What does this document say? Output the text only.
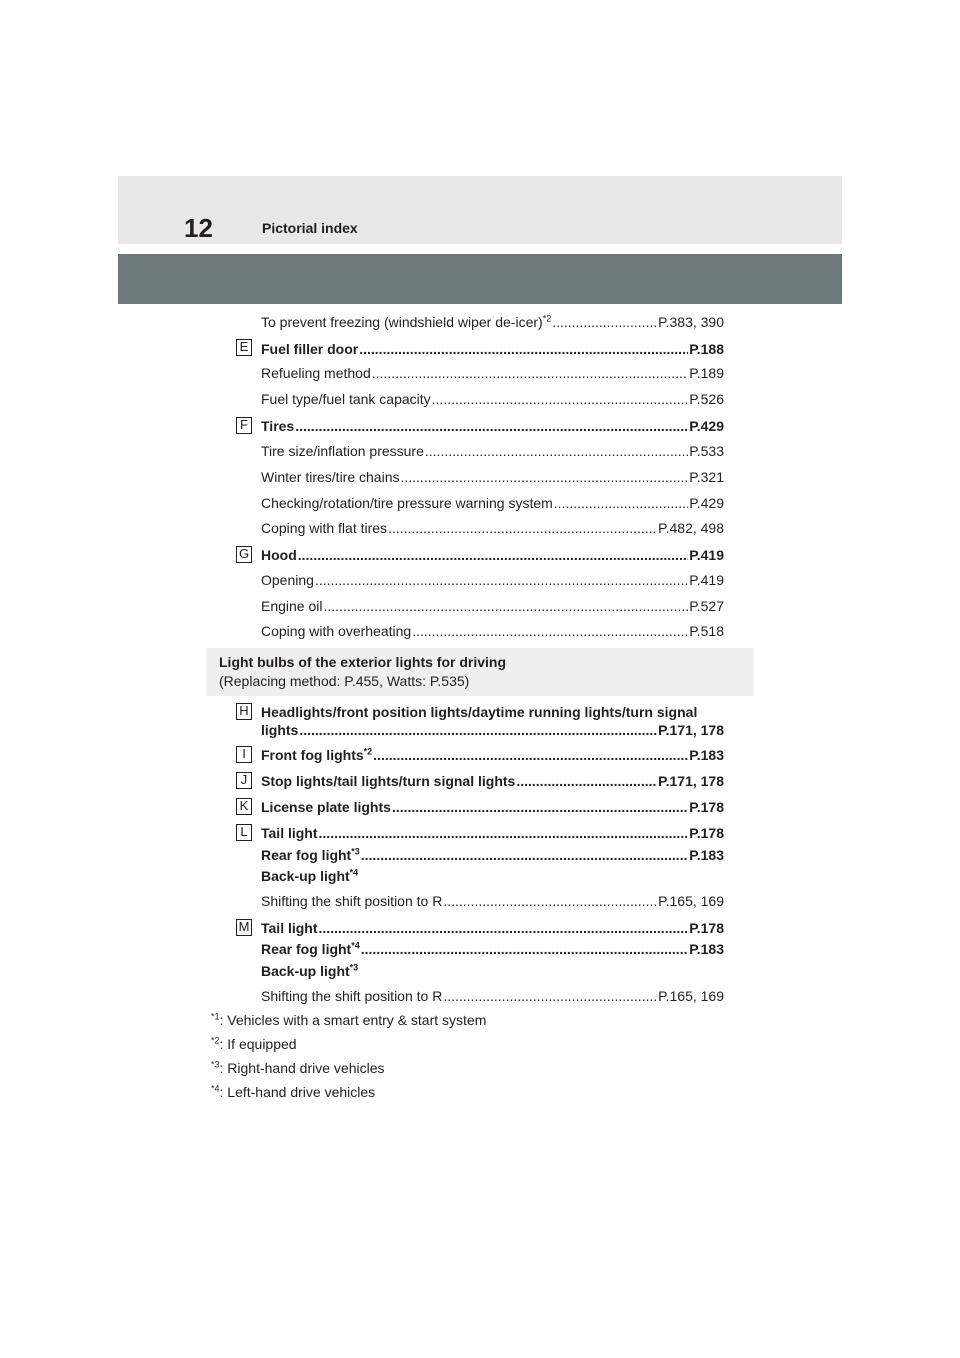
12	Pictorial index
To prevent freezing (windshield wiper de-icer)$^{*2}$ .....	P.383, 390
E Fuel filler door .....	P.188
Refueling method .....	P.189
Fuel type/fuel tank capacity .....	P.526
F Tires .....	P.429
Tire size/inflation pressure .....	P.533
Winter tires/tire chains .....	P.321
Checking/rotation/tire pressure warning system .....	P.429
Coping with flat tires .....	P.482, 498
G Hood .....	P.419
Opening .....	P.419
Engine oil .....	P.527
Coping with overheating .....	P.518
Light bulbs of the exterior lights for driving
(Replacing method: P.455, Watts: P.535)
H Headlights/front position lights/daytime running lights/turn signal
lights .....	P.171, 178
I	Front fog lights$^{*2}$ .....	P.183
J Stop lights/tail lights/turn signal lights .....	P.171, 178
K License plate lights .....	P.178
L Tail light .....	P.178
Rear fog light$^{*3}$ .....	P.183
Back-up light$^{*4}$
Shifting the shift position to R .....	P.165, 169
M Tail light .....	P.178
Rear fog light$^{*4}$ .....	P.183
Back-up light$^{*3}$
Shifting the shift position to R .....	P.165, 169
$^{*1}$: Vehicles with a smart entry & start system
$^{*2}$: If equipped
$^{*3}$: Right-hand drive vehicles
$^{*4}$: Left-hand drive vehicles
